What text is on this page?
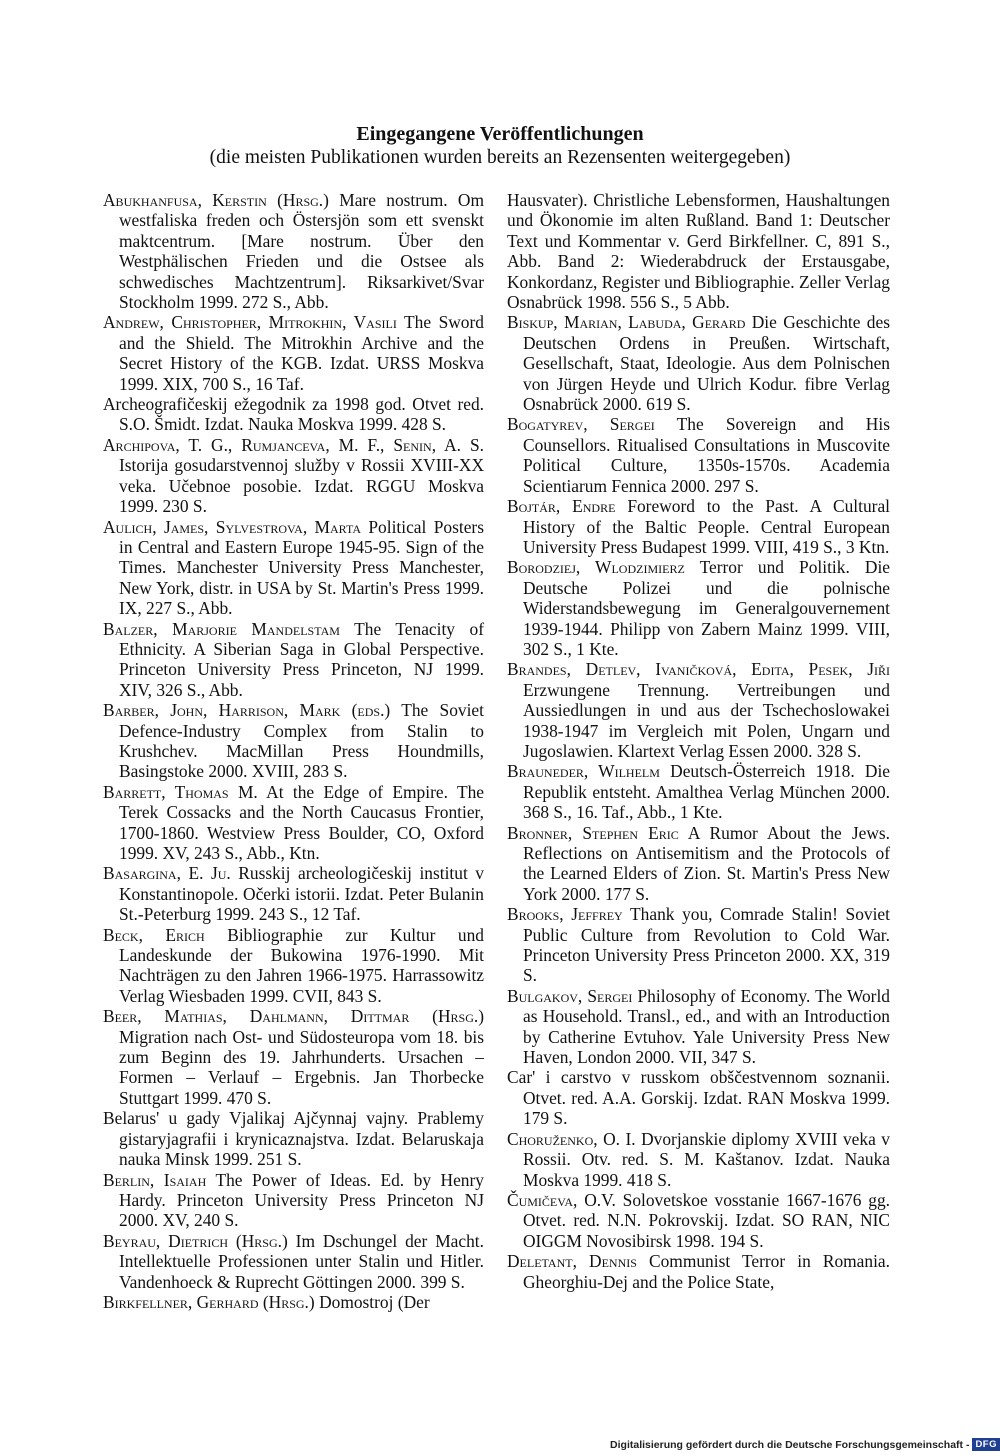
Eingegangene Veröffentlichungen
(die meisten Publikationen wurden bereits an Rezensenten weitergegeben)

Abukhanfusa, Kerstin (Hrsg.) Mare nostrum. Om westfaliska freden och Östersjön som ett svenskt maktcentrum. [Mare nostrum. Über den Westphälischen Frieden und die Ostsee als schwedisches Machtzentrum]. Riksarkivet/Svar Stockholm 1999. 272 S., Abb.

Andrew, Christopher, Mitrokhin, Vasili The Sword and the Shield. The Mitrokhin Archive and the Secret History of the KGB. Izdat. URSS Moskva 1999. XIX, 700 S., 16 Taf.

Archeografičeskij ežegodnik za 1998 god. Otvet red. S.O. Šmidt. Izdat. Nauka Moskva 1999. 428 S.

Archipova, T. G., Rumjanceva, M. F., Senin, A. S. Istorija gosudarstvennoj služby v Rossii XVIII-XX veka. Učebnoe posobie. Izdat. RGGU Moskva 1999. 230 S.

Aulich, James, Sylvestrova, Marta Political Posters in Central and Eastern Europe 1945-95. Sign of the Times. Manchester University Press Manchester, New York, distr. in USA by St. Martin's Press 1999. IX, 227 S., Abb.

Balzer, Marjorie Mandelstam The Tenacity of Ethnicity. A Siberian Saga in Global Perspective. Princeton University Press Princeton, NJ 1999. XIV, 326 S., Abb.

Barber, John, Harrison, Mark (eds.) The Soviet Defence-Industry Complex from Stalin to Krushchev. MacMillan Press Houndmills, Basingstoke 2000. XVIII, 283 S.

Barrett, Thomas M. At the Edge of Empire. The Terek Cossacks and the North Caucasus Frontier, 1700-1860. Westview Press Boulder, CO, Oxford 1999. XV, 243 S., Abb., Ktn.

Basargina, E. Ju. Russkij archeologičeskij institut v Konstantinopole. Očerki istorii. Izdat. Peter Bulanin St.-Peterburg 1999. 243 S., 12 Taf.

Beck, Erich Bibliographie zur Kultur und Landeskunde der Bukowina 1976-1990. Mit Nachträgen zu den Jahren 1966-1975. Harrassowitz Verlag Wiesbaden 1999. CVII, 843 S.

Beer, Mathias, Dahlmann, Dittmar (Hrsg.) Migration nach Ost- und Südosteuropa vom 18. bis zum Beginn des 19. Jahrhunderts. Ursachen – Formen – Verlauf – Ergebnis. Jan Thorbecke Stuttgart 1999. 470 S.

Belarus' u gady Vjalikaj Ajčynnaj vajny. Prablemy gistaryjagrafii i krynicaznajstva. Izdat. Belaruskaja nauka Minsk 1999. 251 S.

Berlin, Isaiah The Power of Ideas. Ed. by Henry Hardy. Princeton University Press Princeton NJ 2000. XV, 240 S.

Beyrau, Dietrich (Hrsg.) Im Dschungel der Macht. Intellektuelle Professionen unter Stalin und Hitler. Vandenhoeck & Ruprecht Göttingen 2000. 399 S.

Birkfellner, Gerhard (Hrsg.) Domostroj (Der

Hausvater). Christliche Lebensformen, Haushaltungen und Ökonomie im alten Rußland. Band 1: Deutscher Text und Kommentar v. Gerd Birkfellner. C, 891 S., Abb. Band 2: Wiederabdruck der Erstausgabe, Konkordanz, Register und Bibliographie. Zeller Verlag Osnabrück 1998. 556 S., 5 Abb.

Biskup, Marian, Labuda, Gerard Die Geschichte des Deutschen Ordens in Preußen. Wirtschaft, Gesellschaft, Staat, Ideologie. Aus dem Polnischen von Jürgen Heyde und Ulrich Kodur. fibre Verlag Osnabrück 2000. 619 S.

Bogatyrev, Sergei The Sovereign and His Counsellors. Ritualised Consultations in Muscovite Political Culture, 1350s-1570s. Academia Scientiarum Fennica 2000. 297 S.

Bojtár, Endre Foreword to the Past. A Cultural History of the Baltic People. Central European University Press Budapest 1999. VIII, 419 S., 3 Ktn.

Borodziej, Wlodzimierz Terror und Politik. Die Deutsche Polizei und die polnische Widerstandsbewegung im Generalgouvernement 1939-1944. Philipp von Zabern Mainz 1999. VIII, 302 S., 1 Kte.

Brandes, Detlev, Ivaničková, Edita, Pesek, Jiři Erzwungene Trennung. Vertreibungen und Aussiedlungen in und aus der Tschechoslowakei 1938-1947 im Vergleich mit Polen, Ungarn und Jugoslawien. Klartext Verlag Essen 2000. 328 S.

Brauneder, Wilhelm Deutsch-Österreich 1918. Die Republik entsteht. Amalthea Verlag München 2000. 368 S., 16. Taf., Abb., 1 Kte.

Bronner, Stephen Eric A Rumor About the Jews. Reflections on Antisemitism and the Protocols of the Learned Elders of Zion. St. Martin's Press New York 2000. 177 S.

Brooks, Jeffrey Thank you, Comrade Stalin! Soviet Public Culture from Revolution to Cold War. Princeton University Press Princeton 2000. XX, 319 S.

Bulgakov, Sergei Philosophy of Economy. The World as Household. Transl., ed., and with an Introduction by Catherine Evtuhov. Yale University Press New Haven, London 2000. VII, 347 S.

Car' i carstvo v russkom obščestvennom soznanii. Otvet. red. A.A. Gorskij. Izdat. RAN Moskva 1999. 179 S.

Choruženko, O. I. Dvorjanskie diplomy XVIII veka v Rossii. Otv. red. S. M. Kaštanov. Izdat. Nauka Moskva 1999. 418 S.

Čumičeva, O.V. Solovetskoe vosstanie 1667-1676 gg. Otvet. red. N.N. Pokrovskij. Izdat. SO RAN, NIC OIGGM Novosibirsk 1998. 194 S.

Deletant, Dennis Communist Terror in Romania. Gheorghiu-Dej and the Police State,

Digitalisierung gefördert durch die Deutsche Forschungsgemeinschaft - DFG
